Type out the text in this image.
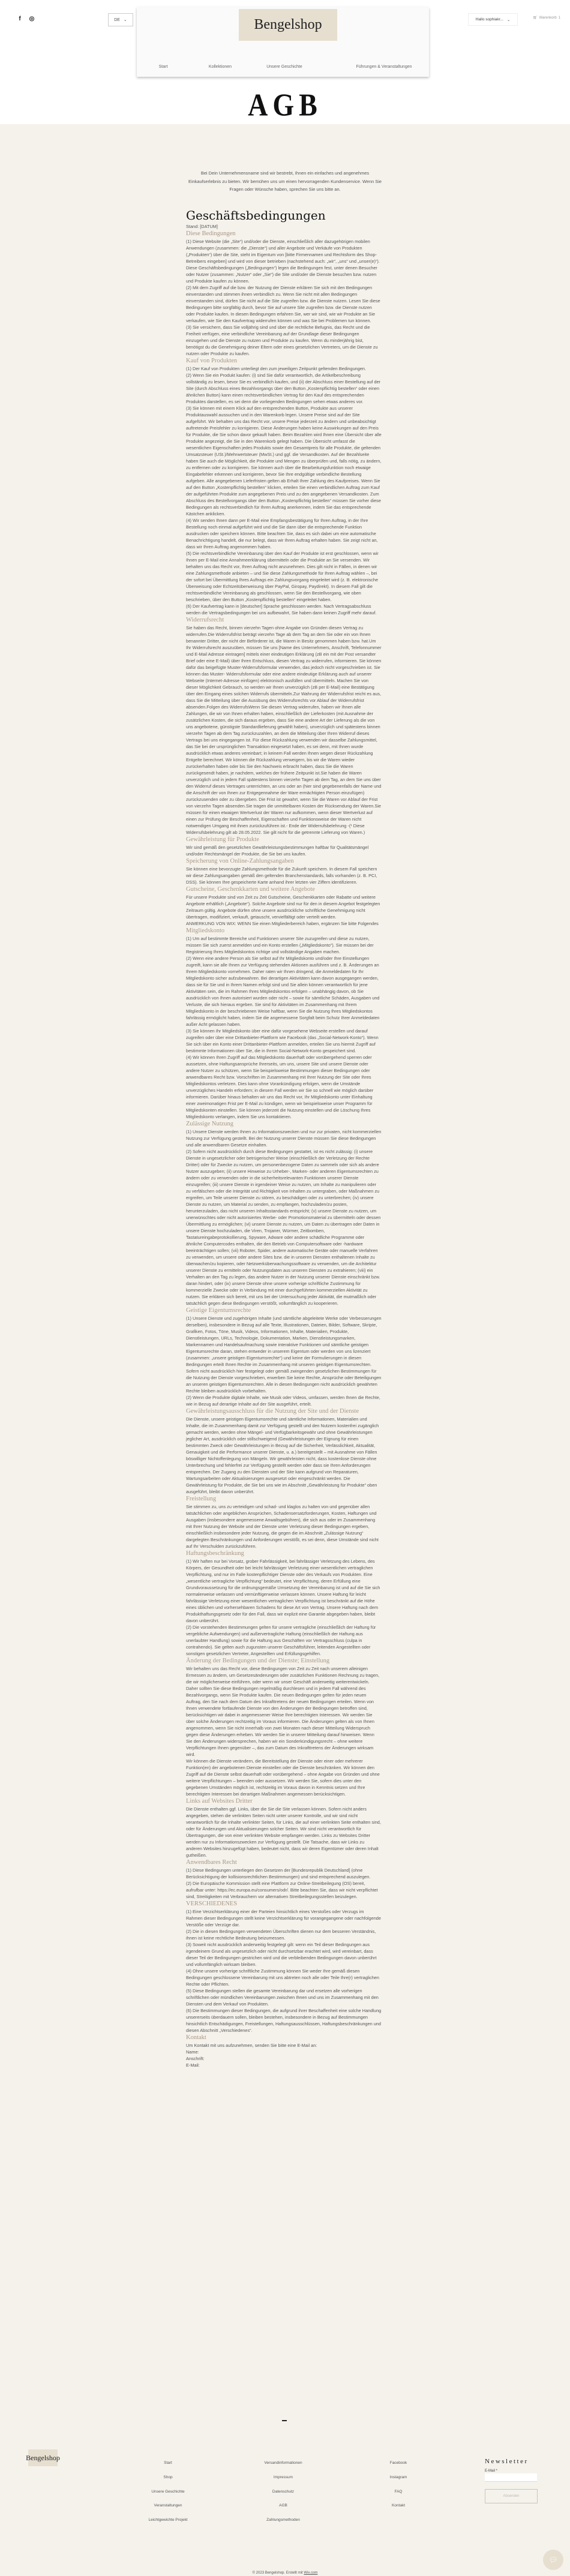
f	◎	DE ⌄	Bengelshop
Start	Kollektionen	Unsere Geschichte	Führungen & Veranstaltungen
Hallo sophiakr... ⌄	🛒︎ Warenkorb 1
AGB

Bei Dein Unternehmensname sind wir bestrebt, Ihnen ein einfaches und angenehmes Einkaufserlebnis zu bieten. Wir bemühen uns um einen hervorragenden Kundenservice. Wenn Sie Fragen oder Wünsche haben, sprechen Sie uns bitte an.

Geschäftsbedingungen

Stand: [DATUM]

Diese Bedingungen

(1) Diese Website (die „Site“) und/oder die Dienste, einschließlich aller dazugehörigen mobilen Anwendungen (zusammen: die „Dienste“) und aller Angebote und Verkäufe von Produkten („Produkten“) über die Site, steht im Eigentum von [bitte Firmennamen und Rechtsform des Shop-Betreibers eingeben] und wird von dieser betrieben (nachstehend auch: „wir“, „uns“ und „unser(e)“). Diese Geschäftsbedingungen („Bedingungen“) legen die Bedingungen fest, unter denen Besucher oder Nutzer (zusammen: „Nutzer“ oder „Sie“) die Site und/oder die Dienste besuchen bzw. nutzen und Produkte kaufen zu können.

(2) Mit dem Zugriff auf die bzw. der Nutzung der Dienste erklären Sie sich mit den Bedingungen einverstanden und stimmen ihnen verbindlich zu. Wenn Sie nicht mit allen Bedingungen einverstanden sind, dürfen Sie nicht auf die Site zugreifen bzw. die Dienste nutzen. Lesen Sie diese Bedingungen bitte sorgfältig durch, bevor Sie auf unsere Site zugreifen bzw. die Dienste nutzen oder Produkte kaufen. In diesen Bedingungen erfahren Sie, wer wir sind, wie wir Produkte an Sie verkaufen, wie Sie den Kaufvertrag widerrufen können und was Sie bei Problemen tun können.

(3) Sie versichern, dass Sie volljährig sind und über die rechtliche Befugnis, das Recht und die Freiheit verfügen, eine verbindliche Vereinbarung auf der Grundlage dieser Bedingungen einzugehen und die Dienste zu nutzen und Produkte zu kaufen. Wenn du minderjährig bist, benötigst du die Genehmigung deiner Eltern oder eines gesetzlichen Vertreters, um die Dienste zu nutzen oder Produkte zu kaufen.

Kauf von Produkten

(1) Der Kauf von Produkten unterliegt den zum jeweiligen Zeitpunkt geltenden Bedingungen.

(2) Wenn Sie ein Produkt kaufen: (i) sind Sie dafür verantwortlich, die Artikelbeschreibung vollständig zu lesen, bevor Sie es verbindlich kaufen, und (ii) der Abschluss einer Bestellung auf der Site (durch Abschluss eines Bezahlvorgangs über den Button „Kostenpflichtig bestellen“ oder einen ähnlichen Button) kann einen rechtsverbindlichen Vertrag für den Kauf des entsprechenden Produktes darstellen, es sei denn die vorliegenden Bedingungen sehen etwas anderes vor.

(3) Sie können mit einem Klick auf den entsprechenden Button, Produkte aus unserer Produktauswahl aussuchen und in den Warenkorb legen. Unsere Preise sind auf der Site aufgeführt. Wir behalten uns das Recht vor, unsere Preise jederzeit zu ändern und unbeabsichtigt auftretende Preisfehler zu korrigieren. Diese Änderungen haben keine Auswirkungen auf den Preis für Produkte, die Sie schon davor gekauft haben. Beim Bezahlen wird Ihnen eine Übersicht über alle Produkte angezeigt, die Sie in den Warenkorb gelegt haben. Die Übersicht umfasst die wesentlichen Eigenschaften jedes Produkts sowie den Gesamtpreis für alle Produkte, die geltenden Umsatzsteuer (USt.)/Mehrwertsteuer (MwSt.) und ggf. die Versandkosten. Auf der Bezahlseite haben Sie auch die Möglichkeit, die Produkte und Mengen zu überprüfen und, falls nötig, zu ändern, zu entfernen oder zu korrigieren. Sie können auch über die Bearbeitungsfunktion noch etwaige Eingabefehler erkennen und korrigieren, bevor Sie Ihre endgültige verbindliche Bestellung aufgeben. Alle angegebenen Lieferfristen gelten ab Erhalt Ihrer Zahlung des Kaufpreises. Wenn Sie auf den Button „Kostenpflichtig bestellen“ klicken, erteilen Sie einen verbindlichen Auftrag zum Kauf der aufgeführten Produkte zum angegebenen Preis und zu den angegebenen Versandkosten. Zum Abschluss des Bestellvorgangs über den Button „Kostenpflichtig bestellen“ müssen Sie vorher diese Bedingungen als rechtsverbindlich für Ihren Auftrag anerkennen, indem Sie das entsprechende Kästchen anklicken.

(4) Wir senden Ihnen dann per E-Mail eine Empfangsbestätigung für Ihren Auftrag, in der Ihre Bestellung noch einmal aufgeführt wird und die Sie dann über die entsprechende Funktion ausdrucken oder speichern können. Bitte beachten Sie, dass es sich dabei um eine automatische Benachrichtigung handelt, die nur belegt, dass wir Ihren Auftrag erhalten haben. Sie zeigt nicht an, dass wir Ihren Auftrag angenommen haben.

(5) Die rechtsverbindliche Vereinbarung über den Kauf der Produkte ist erst geschlossen, wenn wir Ihnen per E-Mail eine Annahmeerklärung übermitteln oder die Produkte an Sie versenden. Wir behalten uns das Recht vor, Ihren Auftrag nicht anzunehmen. Dies gilt nicht in Fällen, in denen wir eine Zahlungsmethode anbieten – und Sie diese Zahlungsmethode für Ihren Auftrag wählen –, bei der sofort bei Übermittlung Ihres Auftrags ein Zahlungsvorgang eingeleitet wird (z. B. elektronische Überweisung oder Echtzeitüberweisung über PayPal, Giropay, Paydirekt). In diesem Fall gilt die rechtsverbindliche Vereinbarung als geschlossen, wenn Sie den Bestellvorgang, wie oben beschrieben, über den Button „Kostenpflichtig bestellen“ eingeleitet haben.

(6) Der Kaufvertrag kann in [deutscher] Sprache geschlossen werden. Nach Vertragsabschluss werden die Vertragsbedingungen bei uns aufbewahrt, Sie haben dann keinen Zugriff mehr darauf.

Widerrufsrecht

Sie haben das Recht, binnen vierzehn Tagen ohne Angabe von Gründen diesen Vertrag zu widerrufen.Die Widerrufsfrist beträgt vierzehn Tage ab dem Tag an dem Sie oder ein von Ihnen benannter Dritter, der nicht der Beförderer ist, die Waren in Besitz genommen haben bzw. hat.Um Ihr Widerrufsrecht auszuüben, müssen Sie uns [Name des Unternehmers, Anschrift, Telefonnummer und E-Mail Adresse eintragen] mittels einer eindeutigen Erklärung (zB ein mit der Post versandter Brief oder eine E-Mail) über Ihren Entschluss, diesen Vertrag zu widerrufen, informieren. Sie können dafür das beigefügte Muster-Widerrufsformular verwenden, das jedoch nicht vorgeschrieben ist. Sie können das Muster- Widerrufsformular oder eine andere eindeutige Erklärung auch auf unserer Webseite (Internet-Adresse einfügen) elektronisch ausfüllen und übermitteln. Machen Sie von dieser Möglichkeit Gebrauch, so werden wir Ihnen unverzüglich (zB per E-Mail) eine Bestätigung über den Eingang eines solchen Widerrufs übermitteln.Zur Wahrung der Widerrufsfrist reicht es aus, dass Sie die Mitteilung über die Ausübung des Widerrufsrechts vor Ablauf der Widerrufsfrist absenden.Folgen des WiderrufsWenn Sie diesen Vertrag widerrufen, haben wir Ihnen alle Zahlungen, die wir von Ihnen erhalten haben, einschließlich der Lieferkosten (mit Ausnahme der zusätzlichen Kosten, die sich daraus ergeben, dass Sie eine andere Art der Lieferung als die von uns angebotene, günstigste Standardlieferung gewählt haben), unverzüglich und spätestens binnen vierzehn Tagen ab dem Tag zurückzuzahlen, an dem die Mitteilung über Ihren Widerruf dieses Vertrags bei uns eingegangen ist. Für diese Rückzahlung verwenden wir dasselbe Zahlungsmittel, das Sie bei der ursprünglichen Transaktion eingesetzt haben, es sei denn, mit Ihnen wurde ausdrücklich etwas anderes vereinbart; in keinem Fall werden Ihnen wegen dieser Rückzahlung Entgelte berechnet. Wir können die Rückzahlung verweigern, bis wir die Waren wieder zurückerhalten haben oder bis Sie den Nachweis erbracht haben, dass Sie die Waren zurückgesendt haben, je nachdem, welches der frühere Zeitpunkt ist.Sie haben die Waren unverzüglich und in jedem Fall spätestens binnen vierzehn Tagen ab dem Tag, an dem Sie uns über den Widerruf dieses Vertrages unterrichten, an uns oder an (hier sind gegebenenfalls der Name und die Anschrift der von Ihnen zur Entgegennahme der Ware ermächtigten Person einzufügen) zurückzusenden oder zu übergeben. Die Frist ist gewahrt, wenn Sie die Waren vor Ablauf der Frist von vierzehn Tagen absenden.Sie tragen die unmittelbaren Kosten der Rücksendung der Waren.Sie müssen für einen etwaigen Wertverlust der Waren nur aufkommen, wenn dieser Wertverlust auf einen zur Prüfung der Beschaffenheit, Eigenschaften und Funktionsweise der Waren nicht notwendigen Umgang mit ihnen zurückzuführen ist.- Ende der Widerrufsbelehrung -(¹ Diese Widerrufsbelehrung gilt ab 28.05.2022. Sie gilt nicht für die getrennte Lieferung von Waren.)

Gewährleistung für Produkte

Wir sind gemäß den gesetzlichen Gewährleistungsbestimmungen haftbar für Qualitätsmängel und/oder Rechtsmängel der Produkte, die Sie bei uns kaufen.

Speicherung von Online-Zahlungsangaben

Sie können eine bevorzugte Zahlungsmethode für die Zukunft speichern. In diesem Fall speichern wir diese Zahlungsangaben gemäß den geltenden Branchenstandards, falls vorhanden (z. B. PCI, DSS). Sie können Ihre gespeicherte Karte anhand ihrer letzten vier Ziffern identifizieren.

Gutscheine, Geschenkkarten und weitere Angebote

Für unsere Produkte sind von Zeit zu Zeit Gutscheine, Geschenkkarten oder Rabatte und weitere Angebote erhältlich („Angebote“). Solche Angebote sind nur für den in diesem Angebot festgelegten Zeitraum gültig. Angebote dürfen ohne unsere ausdrückliche schriftliche Genehmigung nicht übertragen, modifiziert, verkauft, getauscht, vervielfältigt oder verteilt werden.

ANMERKUNG VON WIX: WENN Sie einen Mitgliederbereich haben, ergänzen Sie bitte Folgendes

Mitgliedskonto

(1) Um auf bestimmte Bereiche und Funktionen unserer Site zuzugreifen und diese zu nutzen, müssen Sie sich zuerst anmelden und ein Konto erstellen („Mitgliedskonto“). Sie müssen bei der Registrierung Ihres Mitgliedskontos richtige und vollständige Angaben machen.

(2) Wenn eine andere Person als Sie selbst auf Ihr Mitgliedskonto und/oder Ihre Einstellungen zugreift, kann sie alle Ihnen zur Verfügung stehenden Aktionen ausführen und z. B. Änderungen an Ihrem Mitgliedskonto vornehmen. Daher raten wir Ihnen dringend, die Anmeldedaten für Ihr Mitgliedskonto sicher aufzubewahren. Bei derartigen Aktivitäten kann davon ausgegangen werden, dass sie für Sie und in Ihrem Namen erfolgt sind und Sie allein können verantwortlich für jene Aktivitäten sein, die im Rahmen Ihres Mitgliedskontos erfolgen – unabhängig davon, ob Sie ausdrücklich von Ihnen autorisiert wurden oder nicht – sowie für sämtliche Schäden, Ausgaben und Verluste, die sich hieraus ergeben. Sie sind für Aktivitäten im Zusammenhang mit Ihrem Mitgliedskonto in der beschriebenen Weise haftbar, wenn Sie die Nutzung Ihres Mitgliedskontos fahrlässig ermöglicht haben, indem Sie die angemessene Sorgfalt beim Schutz Ihrer Anmeldedaten außer Acht gelassen haben.

(3) Sie können Ihr Mitgliedskonto über eine dafür vorgesehene Webseite erstellen und darauf zugreifen oder über eine Drittanbieter-Plattform wie Facebook (das „Social-Network-Konto“). Wenn Sie sich über ein Konto einer Drittanbieter-Plattform anmelden, erteilen Sie uns hiermit Zugriff auf bestimmte Informationen über Sie, die in Ihrem Social-Network-Konto gespeichert sind.

(4) Wir können Ihren Zugriff auf das Mitgliedskonto dauerhaft oder vorübergehend sperren oder aussetzen, ohne Haftungsansprüche Ihrerseits, um uns, unsere Site und unsere Dienste oder andere Nutzer zu schützen, wenn Sie beispielsweise Bestimmungen dieser Bedingungen oder anwendbares Recht bzw. Vorschriften im Zusammenhang mit Ihrer Nutzung der Site oder Ihres Mitgliedskontos verletzen. Dies kann ohne Vorankündigung erfolgen, wenn die Umstände unverzügliches Handeln erfordern; in diesem Fall werden wir Sie so schnell wie möglich darüber informieren. Darüber hinaus behalten wir uns das Recht vor, Ihr Mitgliedskonto unter Einhaltung einer zweimonatigen Frist per E-Mail zu kündigen, wenn wir beispielsweise unser Programm für Mitgliedskonten einstellen. Sie können jederzeit die Nutzung einstellen und die Löschung Ihres Mitgliedskonto verlangen, indem Sie uns kontaktieren.

Zulässige Nutzung

(1) Unsere Dienste werden Ihnen zu Informationszwecken und nur zur privaten, nicht kommerziellen Nutzung zur Verfügung gestellt. Bei der Nutzung unserer Dienste müssen Sie diese Bedingungen und alle anwendbaren Gesetze einhalten.

(2) Sofern nicht ausdrücklich durch diese Bedingungen gestattet, ist es nicht zulässig: (i) unsere Dienste in ungesetzlicher oder betrügerischer Weise (einschließlich der Verletzung der Rechte Dritter) oder für Zwecke zu nutzen, um personenbezogene Daten zu sammeln oder sich als andere Nutzer auszugeben; (ii) unsere Hinweise zu Urheber-, Marken- oder anderen Eigentumsrechten zu ändern oder zu verwenden oder in die sicherheitsrelevanten Funktionen unserer Dienste einzugreifen; (iii) unsere Dienste in irgendeiner Weise zu nutzen, um Inhalte zu manipulieren oder zu verfälschen oder die Integrität und Richtigkeit von Inhalten zu untergraben, oder Maßnahmen zu ergreifen, um Teile unserer Dienste zu stören, zu beschädigen oder zu unterbrechen; (iv) unsere Dienste zu nutzen, um Material zu senden, zu empfangen, hochzuladen/zu posten, herunterzuladen, das nicht unseren Inhaltsstandards entspricht; (v) unsere Dienste zu nutzen, um unerwünschtes oder nicht autorisiertes Werbe- oder Promotionsmaterial zu übermitteln oder dessen Übermittlung zu ermöglichen; (vi) unsere Dienste zu nutzen, um Daten zu übertragen oder Daten in unsere Dienste hochzuladen, die Viren, Trojaner, Würmer, Zeitbomben, Tastatureingabeprotokollierung, Spyware, Adware oder andere schädliche Programme oder ähnliche Computercodes enthalten, die den Betrieb von Computersoftware oder -hardware beeinträchtigen sollen; (vii) Roboter, Spider, andere automatische Geräte oder manuelle Verfahren zu verwenden, um unsere oder andere Sites bzw. die in unseren Diensten enthaltenen Inhalte zu überwachen/zu kopieren, oder Netzwerküberwachungssoftware zu verwenden, um die Architektur unserer Dienste zu ermitteln oder Nutzungsdaten aus unseren Diensten zu extrahieren; (viii) ein Verhalten an den Tag zu legen, das andere Nutzer in der Nutzung unserer Dienste einschränkt bzw. daran hindert, oder (ix) unsere Dienste ohne unsere vorherige schriftliche Zustimmung für kommerzielle Zwecke oder in Verbindung mit einer durchgeführten kommerziellen Aktivität zu nutzen. Sie erklären sich bereit, mit uns bei der Untersuchung jeder Aktivität, die mutmaßlich oder tatsächlich gegen diese Bedingungen verstößt, vollumfänglich zu kooperieren.

Geistige Eigentumsrechte

(1) Unsere Dienste und zugehörigen Inhalte (und sämtliche abgeleitete Werke oder Verbesserungen derselben), insbesondere in Bezug auf alle Texte, Illustrationen, Dateien, Bilder, Software, Skripte, Grafiken, Fotos, Töne, Musik, Videos, Informationen, Inhalte, Materialien, Produkte, Dienstleistungen, URLs, Technologie, Dokumentation, Marken, Dienstleistungsmarken, Markennamen und Handelsaufmachung sowie interaktive Funktionen und sämtliche geistigen Eigentumsrechte daran, stehen entweder in unserem Eigentum oder werden von uns lizenziert (zusammen: „unsere geistigen Eigentumsrechte“) und keine der Formulierungen in diesen Bedingungen erteilt Ihnen Rechte im Zusammenhang mit unseren geistigen Eigentumsrechten. Sofern nicht ausdrücklich hier festgelegt oder gemäß zwingenden gesetzlichen Bestimmungen für die Nutzung der Dienste vorgeschrieben, erwerben Sie keine Rechte, Ansprüche oder Beteiligungen an unseren geistigen Eigentumsrechten. Alle in diesen Bedingungen nicht ausdrücklich gewährten Rechte bleiben ausdrücklich vorbehalten.

(2) Wenn die Produkte digitale Inhalte, wie Musik oder Videos, umfassen, werden Ihnen die Rechte, wie in Bezug auf derartige Inhalte auf der Site ausgeführt, erteilt.

Gewährleistungsausschluss für die Nutzung der Site und der Dienste

Die Dienste, unsere geistigen Eigentumsrechte und sämtliche Informationen, Materialien und Inhalte, die im Zusammenhang damit zur Verfügung gestellt und den Nutzern kostenfrei zugänglich gemacht werden, werden ohne Mängel- und Verfügbarkeitsgewähr und ohne Gewährleistungen jeglicher Art, ausdrücklich oder stillschweigend (Gewährleistungen der Eignung für einen bestimmten Zweck oder Gewährleistungen in Bezug auf die Sicherheit, Verlässlichkeit, Aktualität, Genauigkeit und die Performance unserer Dienste, u. a.) bereitgestellt – mit Ausnahme von Fällen böswilliger Nichtoffenlegung von Mängeln. Wir gewährleisten nicht, dass kostenlose Dienste ohne Unterbrechung und fehlerfrei zur Verfügung gestellt werden oder dass sie Ihren Anforderungen entsprechen. Der Zugang zu den Diensten und der Site kann aufgrund von Reparaturen, Wartungsarbeiten oder Aktualisierungen ausgesetzt oder eingeschränkt werden. Die Gewährleistung für Produkte, die Sie bei uns wie im Abschnitt „Gewährleistung für Produkte“ oben ausgeführt, bleibt davon unberührt.

Freistellung

Sie stimmen zu, uns zu verteidigen und schad- und klaglos zu halten von und gegenüber allen tatsächlichen oder angeblichen Ansprüchen, Schadensersatzforderungen, Kosten, Haftungen und Ausgaben (insbesondere angemessene Anwaltsgebühren), die sich aus oder im Zusammenhang mit Ihrer Nutzung der Website und der Dienste unter Verletzung dieser Bedingungen ergeben, einschließlich insbesondere jeder Nutzung, die gegen die im Abschnitt „Zulässige Nutzung“ dargelegten Beschränkungen und Anforderungen verstößt, es sei denn, diese Umstände sind nicht auf Ihr Verschulden zurückzuführen.

Haftungsbeschränkung

(1) Wir haften nur bei Vorsatz, grober Fahrlässigkeit, bei fahrlässiger Verletzung des Lebens, des Körpers, der Gesundheit oder bei leicht fahrlässiger Verletzung einer wesentlichen vertraglichen Verpflichtung, und nur im Falle kostenpflichtiger Dienste oder des Verkaufs von Produkten. Eine „wesentliche vertragliche Verpflichtung“ bedeutet, eine Verpflichtung, deren Erfüllung eine Grundvoraussetzung für die ordnungsgemäße Umsetzung der Vereinbarung ist und auf die Sie sich normalerweise verlassen und vernünftigerweise verlassen können. Unsere Haftung für leicht fahrlässige Verletzung einer wesentlichen vertraglichen Verpflichtung ist beschränkt auf die Höhe eines üblichen und vorhersehbaren Schadens für diese Art von Vertrag. Unsere Haftung nach dem Produkthaftungsgesetz oder für den Fall, dass wir explizit eine Garantie abgegeben haben, bleibt davon unberührt.

(2) Die vorstehenden Bestimmungen gelten für unsere vertragliche (einschließlich der Haftung für vergebliche Aufwendungen) und außervertragliche Haftung (einschließlich der Haftung aus unerlaubter Handlung) sowie für die Haftung aus Geschäften vor Vertragsschluss (culpa in contrahendo). Sie gelten auch zugunsten unserer Geschäftsführer, leitenden Angestellten oder sonstigen gesetzlichen Vertreter, Angestellten und Erfüllungsgehilfen.

Änderung der Bedingungen und der Dienste; Einstellung

Wir behalten uns das Recht vor, diese Bedingungen von Zeit zu Zeit nach unserem alleinigen Ermessen zu ändern, um Gesetzesänderungen oder zusätzlichen Funktionen Rechnung zu tragen, die wir möglicherweise einführen, oder wenn wir unser Geschäft anderweitig weiterentwickeln. Daher sollten Sie diese Bedingungen regelmäßig durchlesen und in jedem Fall während des Bezahlvorgangs, wenn Sie Produkte kaufen. Die neuen Bedingungen gelten für jeden neuen Auftrag, den Sie nach dem Datum des Inkrafttretens der neuen Bedingungen erteilen. Wenn von Ihnen verwendete fortlaufende Dienste von den Änderungen der Bedingungen betroffen sind, berücksichtigen wir dabei in angemessener Weise Ihre berechtigten Interessen. Wir werden Sie über solche Änderungen rechtzeitig im Voraus informieren. Die Änderungen gelten als von Ihnen angenommen, wenn Sie nicht innerhalb von zwei Monaten nach dieser Mitteilung Widerspruch gegen diese Änderungen erheben. Wir werden Sie in unserer Mitteilung darauf hinweisen. Wenn Sie den Änderungen widersprechen, haben wir ein Sonderkündigungsrecht – ohne weitere Verpflichtungen Ihnen gegenüber –, das zum Datum des Inkrafttretens der Änderungen wirksam wird.

Wir können die Dienste verändern, die Bereitstellung der Dienste oder einer oder mehrerer Funktion(en) der angebotenen Dienste einstellen oder die Dienste beschränken. Wir können den Zugriff auf die Dienste selbst dauerhaft oder vorübergehend – ohne Angabe von Gründen und ohne weitere Verpflichtungen – beenden oder aussetzen. Wir werden Sie, sofern dies unter den gegebenen Umständen möglich ist, rechtzeitig im Voraus davon in Kenntnis setzen und Ihre berechtigten Interessen bei derartigen Maßnahmen angemessen berücksichtigen.

Links auf Websites Dritter

Die Dienste enthalten ggf. Links, über die Sie die Site verlassen können. Sofern nicht anders angegeben, stehen die verlinkten Seiten nicht unter unserer Kontrolle, und wir sind nicht verantwortlich für die Inhalte verlinkter Seiten, für Links, die auf einer verlinkten Seite enthalten sind, oder für Änderungen und Aktualisierungen solcher Seiten. Wir sind nicht verantwortlich für Übertragungen, die von einer verlinkten Website empfangen werden. Links zu Websites Dritter werden nur zu Informationszwecken zur Verfügung gestellt. Die Tatsache, dass wir Links zu anderen Websites hinzugefügt haben, bedeutet nicht, dass wir deren Eigentümer oder deren Inhalt gutheißen.

Anwendbares Recht

(1) Diese Bedingungen unterliegen den Gesetzen der [Bundesrepublik Deutschland] (ohne Berücksichtigung der kollisionsrechtlichen Bestimmungen) und sind entsprechend auszulegen.

(2) Die Europäische Kommission stellt eine Plattform zur Online-Streitbeilegung (OS) bereit, aufrufbar unter: https://ec.europa.eu/consumers/odr/. Bitte beachten Sie, dass wir nicht verpflichtet sind, Streitigkeiten mit Verbrauchern vor alternativen Streitbeilegungsstellen beizulegen.

VERSCHIEDENES

(1) Eine Verzichtserklärung einer der Parteien hinsichtlich eines Verstoßes oder Verzugs im Rahmen dieser Bedingungen stellt keine Verzichtserklärung für vorangegangene oder nachfolgende Verstöße oder Verzüge dar.

(2) Die in diesen Bedingungen verwendeten Überschriften dienen nur dem besseren Verständnis, ihnen ist keine rechtliche Bedeutung beizumessen.

(3) Soweit nicht ausdrücklich anderweitig festgelegt gilt: wenn ein Teil dieser Bedingungen aus irgendeinem Grund als ungesetzlich oder nicht durchsetzbar erachtet wird, wird vereinbart, dass dieser Teil der Bedingungen gestrichen wird und die verbleibenden Bedingungen davon unberührt und vollumfänglich wirksam bleiben.

(4) Ohne unsere vorherige schriftliche Zustimmung können Sie weder Ihre gemäß diesen Bedingungen geschlossene Vereinbarung mit uns abtreten noch alle oder Teile Ihre(r) vertraglichen Rechte oder Pflichten.

(5) Diese Bedingungen stellen die gesamte Vereinbarung dar und ersetzen alle vorherigen schriftlichen oder mündlichen Vereinbarungen zwischen Ihnen und uns im Zusammenhang mit den Diensten und dem Verkauf von Produkten.

(6) Die Bestimmungen dieser Bedingungen, die aufgrund ihrer Beschaffenheit eine solche Handlung unsererseits überdauern sollen, bleiben bestehen, insbesondere in Bezug auf Bestimmungen hinsichtlich Entschädigungen, Freistellungen, Haftungsausschlüssen, Haftungsbeschränkungen und diesen Abschnitt „Verschiedenes“.

Kontakt

Um Kontakt mit uns aufzunehmen, senden Sie bitte eine E-Mail an:
Name:
Anschrift:
E-Mail:

Bengelshop
Start
Shop
Unsere Geschichte
Veranstaltungen
Leichtgewichte Projekt
Versandinformationen
Impressum
Datenschutz
AGB
Zahlungsmethoden
Facebook
Instagram
FAQ
Kontakt
Newsletter
E-Mail *
Absenden
© 2023 Bengelshop. Erstellt mit Wix.com
💬︎
